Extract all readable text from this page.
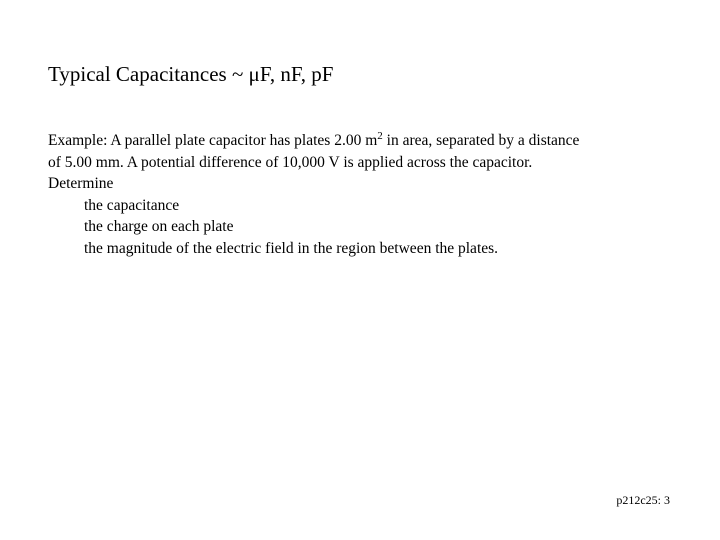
Typical Capacitances ~ μF, nF, pF

Example: A parallel plate capacitor has plates 2.00 $m^2$ in area, separated by a distance

of 5.00 mm. A potential difference of 10,000 V is applied across the capacitor.

Determine

the capacitance

the charge on each plate

the magnitude of the electric field in the region between the plates.

p212c25: 3
